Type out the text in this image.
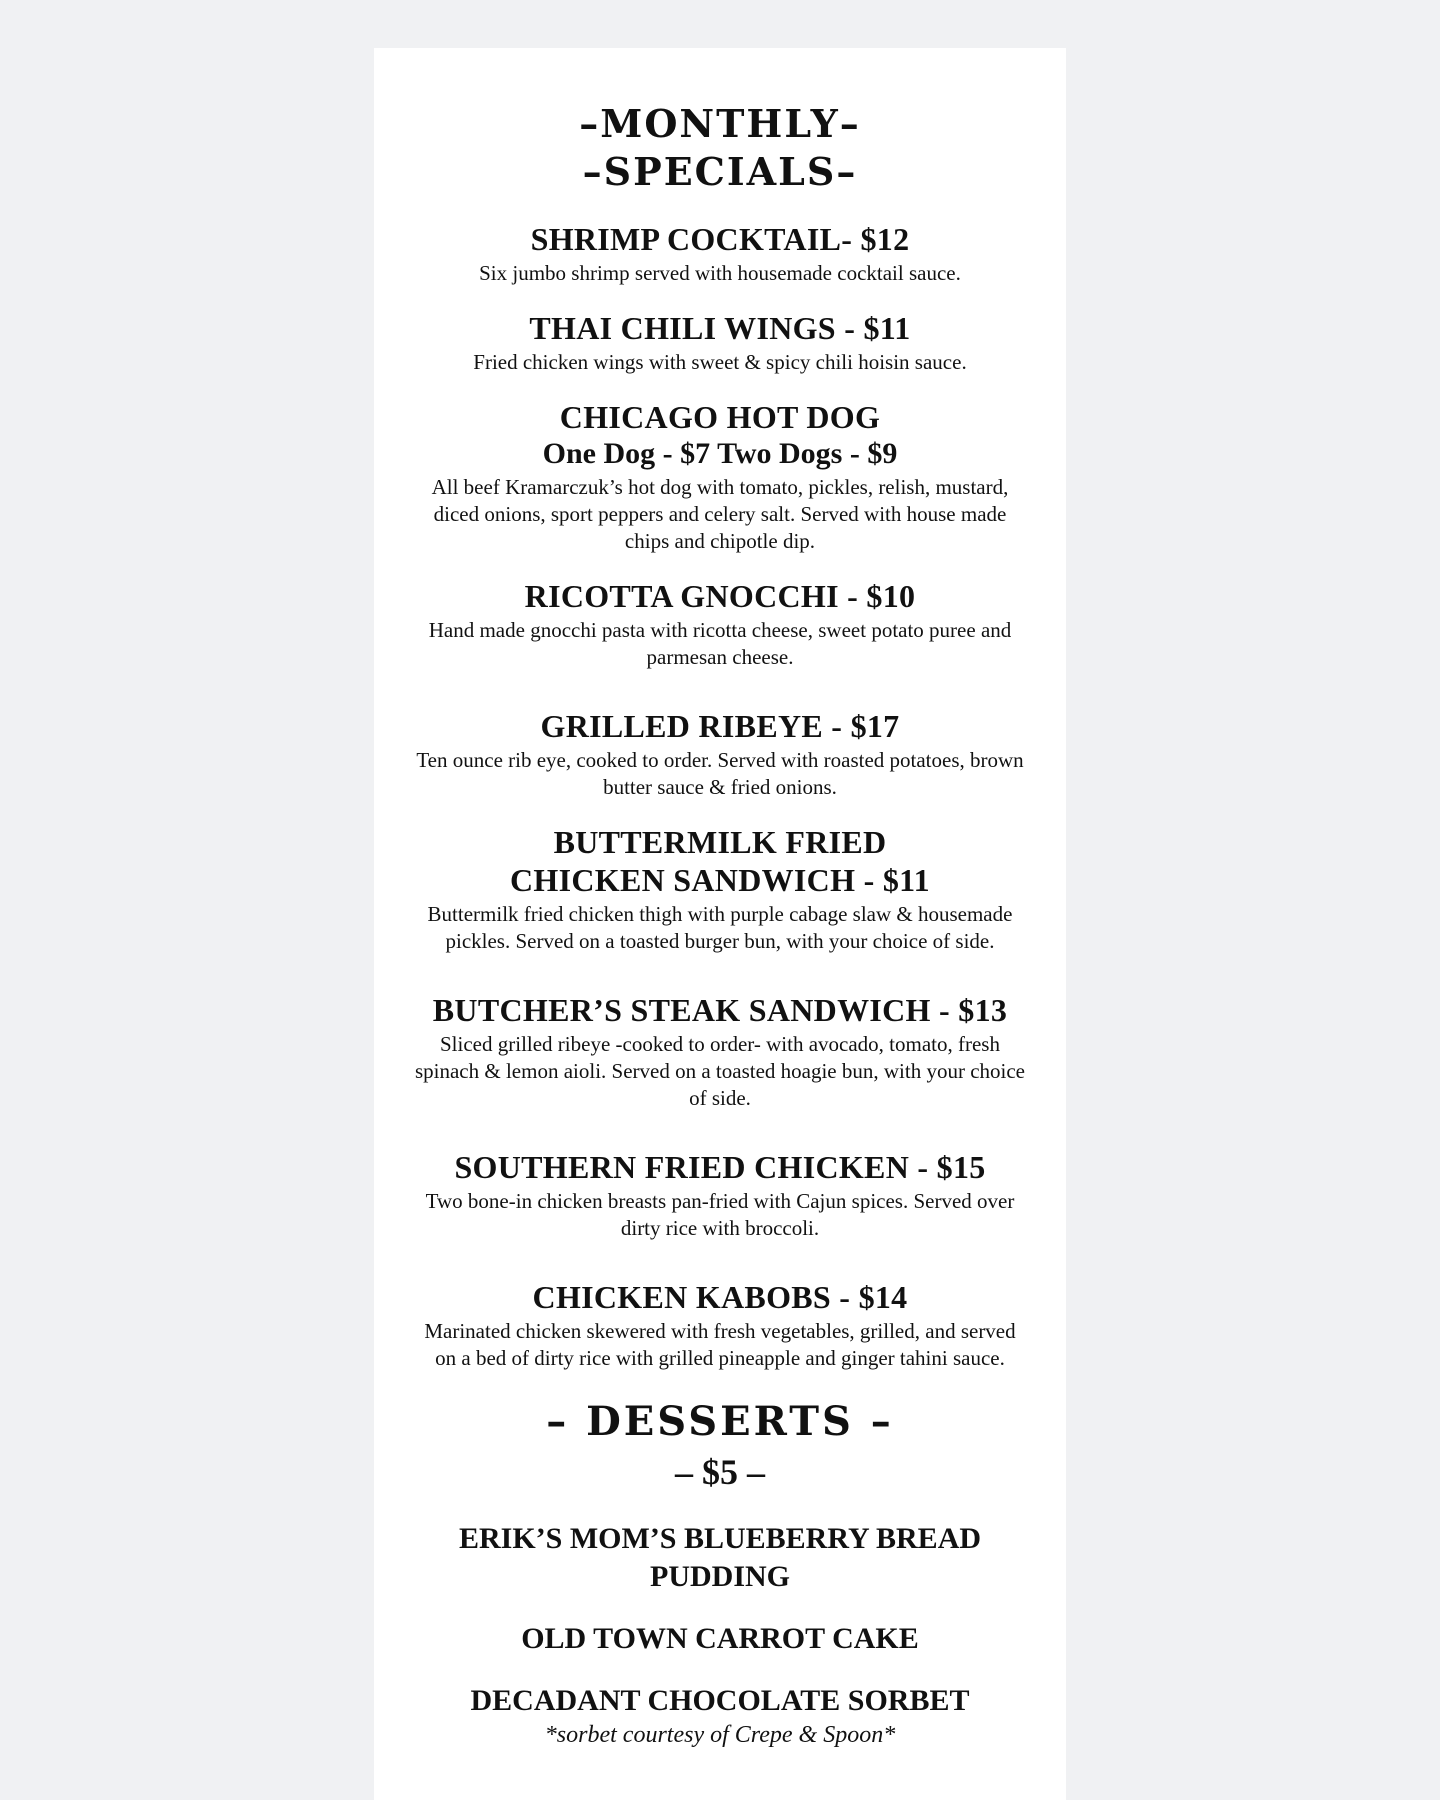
–MONTHLY–
–SPECIALS–
SHRIMP COCKTAIL- $12
Six jumbo shrimp served with housemade cocktail sauce.
THAI CHILI WINGS - $11
Fried chicken wings with sweet & spicy chili hoisin sauce.
CHICAGO HOT DOG
One Dog - $7 Two Dogs - $9
All beef Kramarczuk’s hot dog with tomato, pickles, relish, mustard, diced onions, sport peppers and celery salt. Served with house made chips and chipotle dip.
RICOTTA GNOCCHI - $10
Hand made gnocchi pasta with ricotta cheese, sweet potato puree and parmesan cheese.
GRILLED RIBEYE - $17
Ten ounce rib eye, cooked to order. Served with roasted potatoes, brown butter sauce & fried onions.
BUTTERMILK FRIED
CHICKEN SANDWICH - $11
Buttermilk fried chicken thigh with purple cabage slaw & housemade pickles. Served on a toasted burger bun, with your choice of side.
BUTCHER’S STEAK SANDWICH - $13
Sliced grilled ribeye -cooked to order- with avocado, tomato, fresh spinach & lemon aioli. Served on a toasted hoagie bun, with your choice of side.
SOUTHERN FRIED CHICKEN - $15
Two bone-in chicken breasts pan-fried with Cajun spices. Served over dirty rice with broccoli.
CHICKEN KABOBS - $14
Marinated chicken skewered with fresh vegetables, grilled, and served on a bed of dirty rice with grilled pineapple and ginger tahini sauce.
– DESSERTS –
– $5 –
ERIK’S MOM’S BLUEBERRY BREAD PUDDING
OLD TOWN CARROT CAKE
DECADANT CHOCOLATE SORBET
*sorbet courtesy of Crepe & Spoon*
